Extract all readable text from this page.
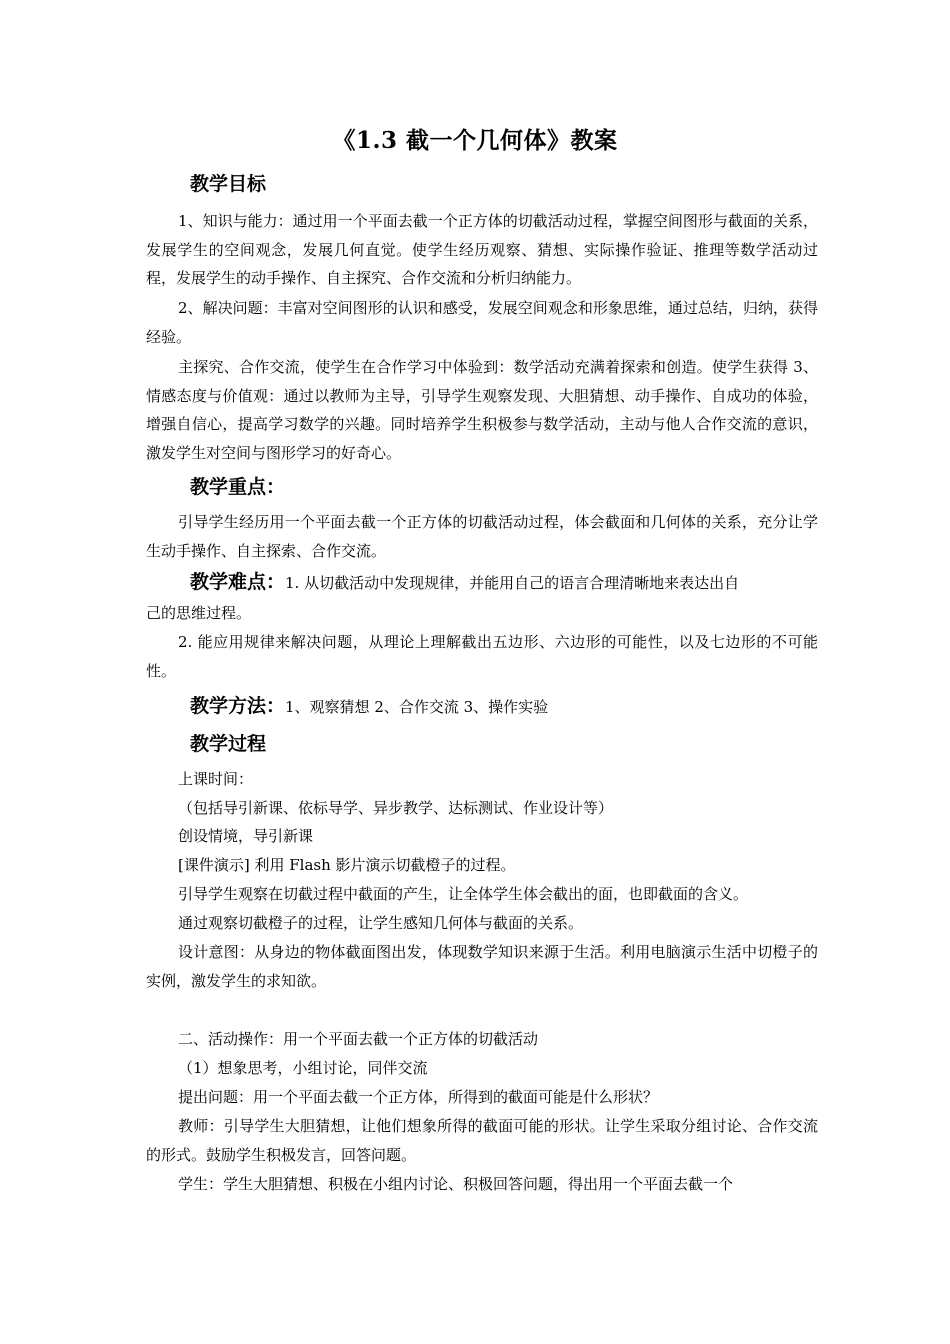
《1.3 截一个几何体》教案
教学目标

1、知识与能力：通过用一个平面去截一个正方体的切截活动过程，掌握空间图形与截面的关系，发展学生的空间观念，发展几何直觉。使学生经历观察、猜想、实际操作验证、推理等数学活动过程，发展学生的动手操作、自主探究、合作交流和分析归纳能力。

2、解决问题：丰富对空间图形的认识和感受，发展空间观念和形象思维，通过总结，归纳，获得经验。

主探究、合作交流，使学生在合作学习中体验到：数学活动充满着探索和创造。使学生获得 3、情感态度与价值观：通过以教师为主导，引导学生观察发现、大胆猜想、动手操作、自成功的体验，增强自信心，提高学习数学的兴趣。同时培养学生积极参与数学活动，主动与他人合作交流的意识，激发学生对空间与图形学习的好奇心。

教学重点：

引导学生经历用一个平面去截一个正方体的切截活动过程，体会截面和几何体的关系，充分让学生动手操作、自主探索、合作交流。

教学难点：1. 从切截活动中发现规律，并能用自己的语言合理清晰地来表达出自
己的思维过程。

2. 能应用规律来解决问题，从理论上理解截出五边形、六边形的可能性，以及七边形的不可能性。

教学方法：1、观察猜想 2、合作交流 3、操作实验
教学过程
上课时间：
（包括导引新课、依标导学、异步教学、达标测试、作业设计等）
创设情境，导引新课
[课件演示] 利用 Flash 影片演示切截橙子的过程。
引导学生观察在切截过程中截面的产生，让全体学生体会截出的面，也即截面的含义。
通过观察切截橙子的过程，让学生感知几何体与截面的关系。

设计意图：从身边的物体截面图出发，体现数学知识来源于生活。利用电脑演示生活中切橙子的实例，激发学生的求知欲。

二、活动操作：用一个平面去截一个正方体的切截活动
（1）想象思考，小组讨论，同伴交流
提出问题：用一个平面去截一个正方体，所得到的截面可能是什么形状？

教师：引导学生大胆猜想，让他们想象所得的截面可能的形状。让学生采取分组讨论、合作交流的形式。鼓励学生积极发言，回答问题。

学生：学生大胆猜想、积极在小组内讨论、积极回答问题，得出用一个平面去截一个
